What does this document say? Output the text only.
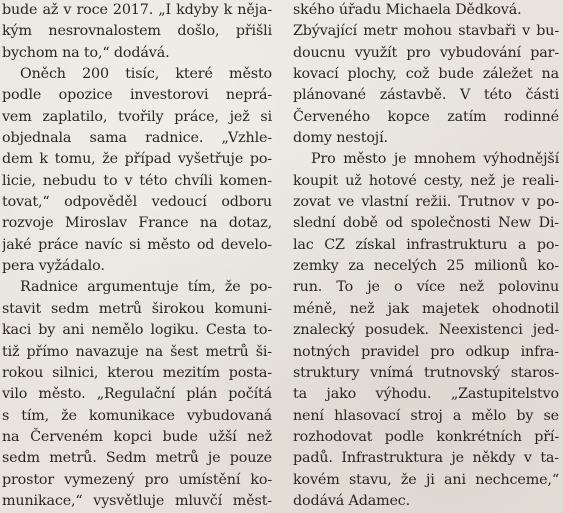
bude až v roce 2017. „I kdyby k něja-
kým nesrovnalostem došlo, přišli
bychom na to,“ dodává.
Oněch 200 tisíc, které město
podle opozice investorovi neprá-
vem zaplatilo, tvořily práce, jež si
objednala sama radnice. „Vzhle-
dem k tomu, že případ vyšetřuje po-
licie, nebudu to v této chvíli komen-
tovat,“ odpověděl vedoucí odboru
rozvoje Miroslav France na dotaz,
jaké práce navíc si město od develo-
pera vyžádalo.
Radnice argumentuje tím, že po-
stavit sedm metrů širokou komuni-
kaci by ani nemělo logiku. Cesta to-
tiž přímo navazuje na šest metrů ši-
rokou silnici, kterou mezitím posta-
vilo město. „Regulační plán počítá
s tím, že komunikace vybudovaná
na Červeném kopci bude užší než
sedm metrů. Sedm metrů je pouze
prostor vymezený pro umístění ko-
munikace,“ vysvětluje mluvčí měst-
ského úřadu Michaela Dědková.
Zbývající metr mohou stavbaři v bu-
doucnu využít pro vybudování par-
kovací plochy, což bude záležet na
plánované zástavbě. V této části
Červeného kopce zatím rodinné
domy nestojí.
Pro město je mnohem výhodnější
koupit už hotové cesty, než je reali-
zovat ve vlastní režii. Trutnov v po-
slední době od společnosti New Di-
lac CZ získal infrastrukturu a po-
zemky za necelých 25 milionů ko-
run. To je o více než polovinu
méně, než jak majetek ohodnotil
znalecký posudek. Neexistenci jed-
notných pravidel pro odkup infra-
struktury vnímá trutnovský staros-
ta jako výhodu. „Zastupitelstvo
není hlasovací stroj a mělo by se
rozhodovat podle konkrétních pří-
padů. Infrastruktura je někdy v ta-
kovém stavu, že ji ani nechceme,“
dodává Adamec.
